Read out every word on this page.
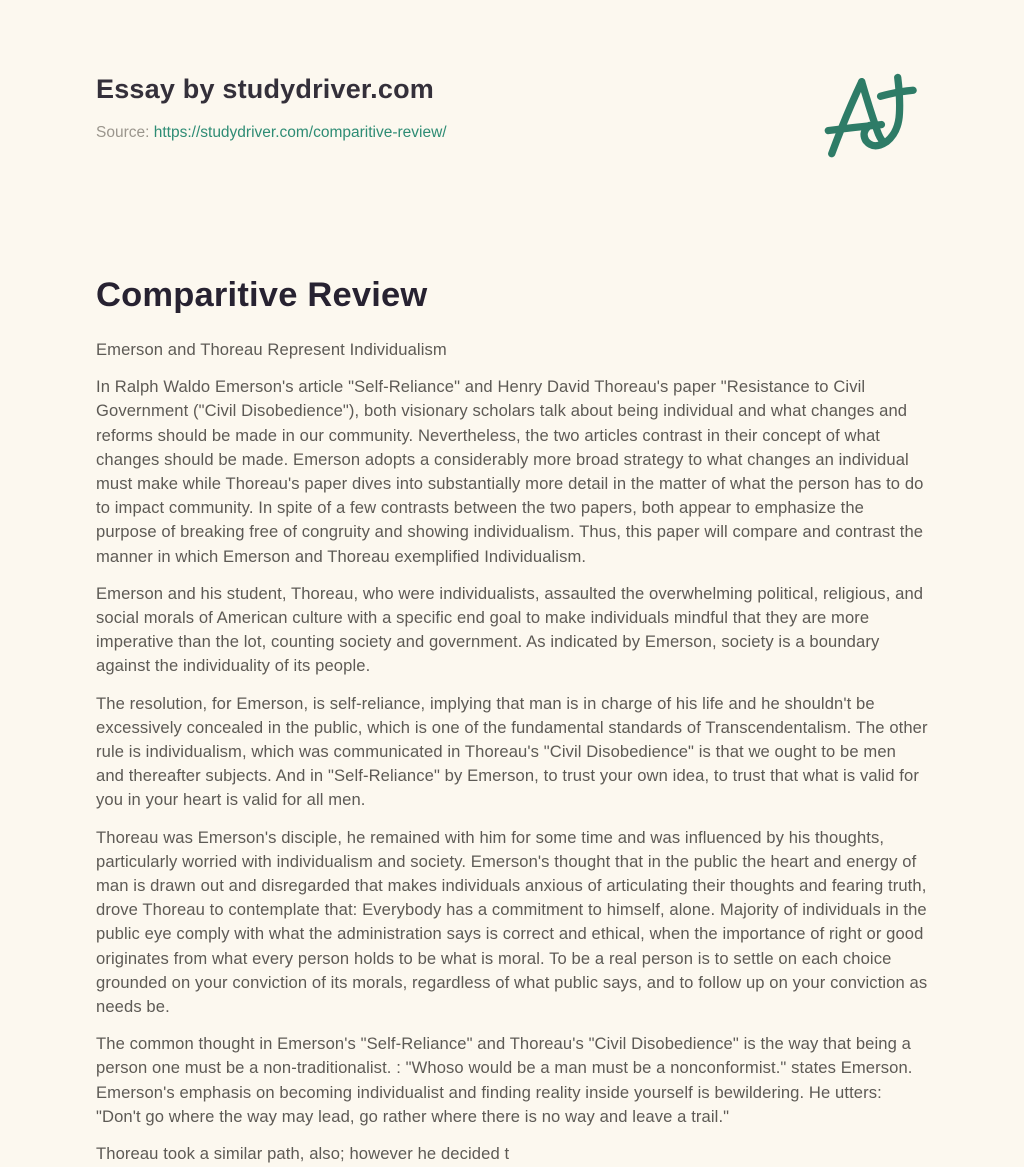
Essay by studydriver.com
Source: https://studydriver.com/comparitive-review/
Comparitive Review

Emerson and Thoreau Represent Individualism

In Ralph Waldo Emerson's article "Self-Reliance" and Henry David Thoreau's paper "Resistance to Civil Government ("Civil Disobedience"), both visionary scholars talk about being individual and what changes and reforms should be made in our community. Nevertheless, the two articles contrast in their concept of what changes should be made. Emerson adopts a considerably more broad strategy to what changes an individual must make while Thoreau's paper dives into substantially more detail in the matter of what the person has to do to impact community. In spite of a few contrasts between the two papers, both appear to emphasize the purpose of breaking free of congruity and showing individualism. Thus, this paper will compare and contrast the manner in which Emerson and Thoreau exemplified Individualism.

Emerson and his student, Thoreau, who were individualists, assaulted the overwhelming political, religious, and social morals of American culture with a specific end goal to make individuals mindful that they are more imperative than the lot, counting society and government. As indicated by Emerson, society is a boundary against the individuality of its people.

The resolution, for Emerson, is self-reliance, implying that man is in charge of his life and he shouldn't be excessively concealed in the public, which is one of the fundamental standards of Transcendentalism. The other rule is individualism, which was communicated in Thoreau's "Civil Disobedience" is that we ought to be men and thereafter subjects. And in "Self-Reliance" by Emerson, to trust your own idea, to trust that what is valid for you in your heart is valid for all men.

Thoreau was Emerson's disciple, he remained with him for some time and was influenced by his thoughts, particularly worried with individualism and society. Emerson's thought that in the public the heart and energy of man is drawn out and disregarded that makes individuals anxious of articulating their thoughts and fearing truth, drove Thoreau to contemplate that: Everybody has a commitment to himself, alone. Majority of individuals in the public eye comply with what the administration says is correct and ethical, when the importance of right or good originates from what every person holds to be what is moral. To be a real person is to settle on each choice grounded on your conviction of its morals, regardless of what public says, and to follow up on your conviction as needs be.

The common thought in Emerson's "Self-Reliance" and Thoreau's "Civil Disobedience" is the way that being a person one must be a non-traditionalist. : "Whoso would be a man must be a nonconformist." states Emerson. Emerson's emphasis on becoming individualist and finding reality inside yourself is bewildering. He utters: "Don't go where the way may lead, go rather where there is no way and leave a trail."

Thoreau took a similar path, also; however he decided t
